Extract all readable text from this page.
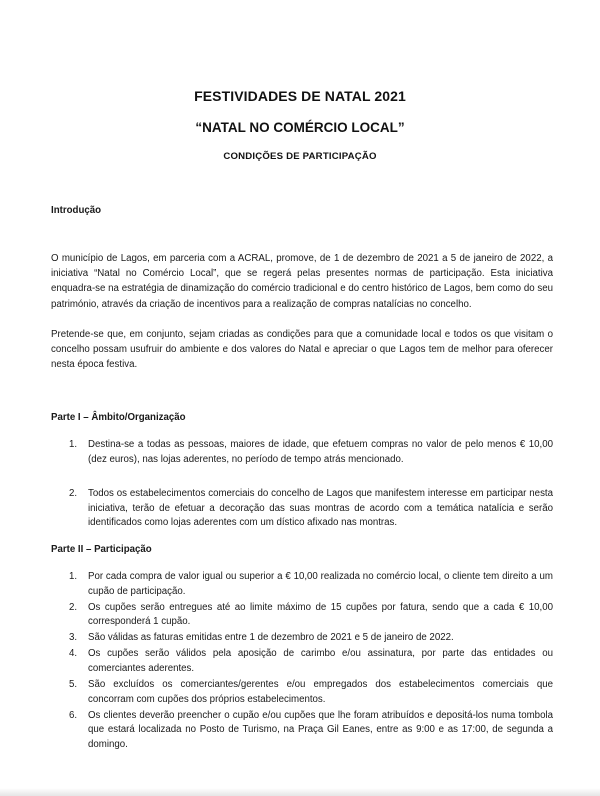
FESTIVIDADES DE NATAL 2021
“NATAL NO COMÉRCIO LOCAL”
CONDIÇÕES DE PARTICIPAÇÃO
Introdução
O município de Lagos, em parceria com a ACRAL, promove, de 1 de dezembro de 2021 a 5 de janeiro de 2022, a iniciativa “Natal no Comércio Local”, que se regerá pelas presentes normas de participação. Esta iniciativa enquadra-se na estratégia de dinamização do comércio tradicional e do centro histórico de Lagos, bem como do seu património, através da criação de incentivos para a realização de compras natalícias no concelho.
Pretende-se que, em conjunto, sejam criadas as condições para que a comunidade local e todos os que visitam o concelho possam usufruir do ambiente e dos valores do Natal e apreciar o que Lagos tem de melhor para oferecer nesta época festiva.
Parte I – Âmbito/Organização
1. Destina-se a todas as pessoas, maiores de idade, que efetuem compras no valor de pelo menos € 10,00 (dez euros), nas lojas aderentes, no período de tempo atrás mencionado.
2. Todos os estabelecimentos comerciais do concelho de Lagos que manifestem interesse em participar nesta iniciativa, terão de efetuar a decoração das suas montras de acordo com a temática natalícia e serão identificados como lojas aderentes com um dístico afixado nas montras.
Parte II – Participação
1. Por cada compra de valor igual ou superior a € 10,00 realizada no comércio local, o cliente tem direito a um cupão de participação.
2. Os cupões serão entregues até ao limite máximo de 15 cupões por fatura, sendo que a cada € 10,00 corresponderá 1 cupão.
3. São válidas as faturas emitidas entre 1 de dezembro de 2021 e 5 de janeiro de 2022.
4. Os cupões serão válidos pela aposição de carimbo e/ou assinatura, por parte das entidades ou comerciantes aderentes.
5. São excluídos os comerciantes/gerentes e/ou empregados dos estabelecimentos comerciais que concorram com cupões dos próprios estabelecimentos.
6. Os clientes deverão preencher o cupão e/ou cupões que lhe foram atribuídos e depositá-los numa tombola que estará localizada no Posto de Turismo, na Praça Gil Eanes, entre as 9:00 e as 17:00, de segunda a domingo.
